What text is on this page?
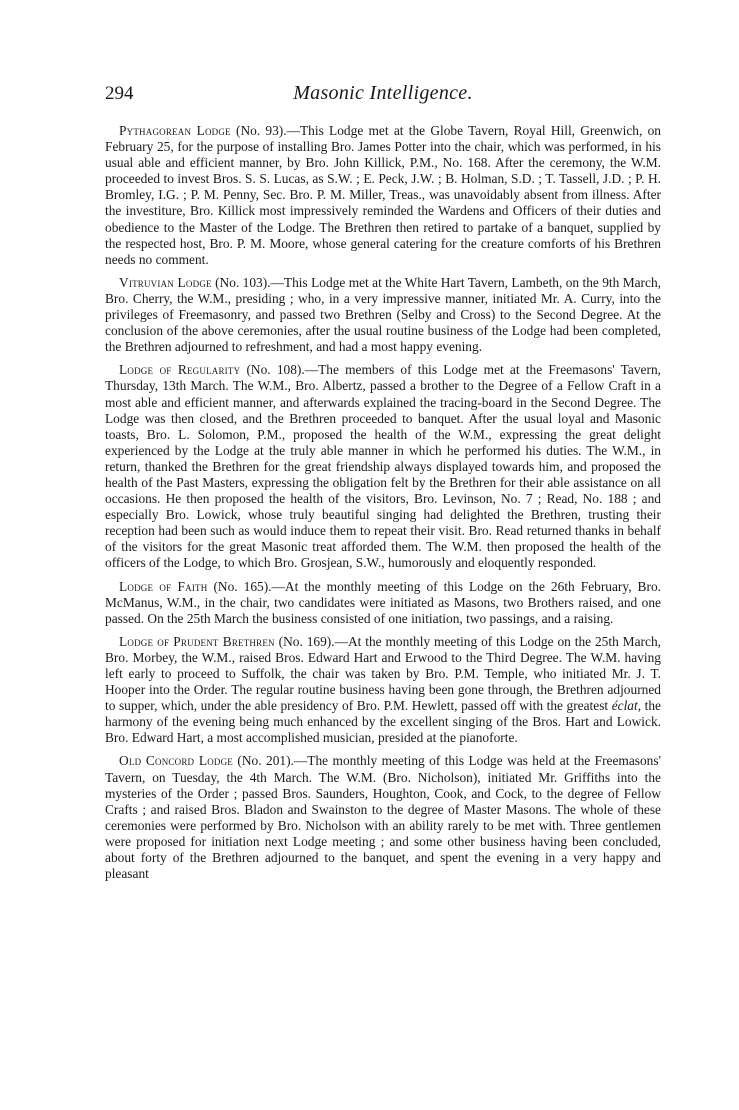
294	Masonic Intelligence.

Pythagorean Lodge (No. 93).—This Lodge met at the Globe Tavern, Royal Hill, Greenwich, on February 25, for the purpose of installing Bro. James Potter into the chair, which was performed, in his usual able and efficient manner, by Bro. John Killick, P.M., No. 168. After the ceremony, the W.M. proceeded to invest Bros. S. S. Lucas, as S.W. ; E. Peck, J.W. ; B. Holman, S.D. ; T. Tassell, J.D. ; P. H. Bromley, I.G. ; P. M. Penny, Sec. Bro. P. M. Miller, Treas., was unavoidably absent from illness. After the investiture, Bro. Killick most impressively reminded the Wardens and Officers of their duties and obedience to the Master of the Lodge. The Brethren then retired to partake of a banquet, supplied by the respected host, Bro. P. M. Moore, whose general catering for the creature comforts of his Brethren needs no comment.

Vitruvian Lodge (No. 103).—This Lodge met at the White Hart Tavern, Lambeth, on the 9th March, Bro. Cherry, the W.M., presiding ; who, in a very impressive manner, initiated Mr. A. Curry, into the privileges of Freemasonry, and passed two Brethren (Selby and Cross) to the Second Degree. At the conclusion of the above ceremonies, after the usual routine business of the Lodge had been completed, the Brethren adjourned to refreshment, and had a most happy evening.

Lodge of Regularity (No. 108).—The members of this Lodge met at the Freemasons' Tavern, Thursday, 13th March. The W.M., Bro. Albertz, passed a brother to the Degree of a Fellow Craft in a most able and efficient manner, and afterwards explained the tracing-board in the Second Degree. The Lodge was then closed, and the Brethren proceeded to banquet. After the usual loyal and Masonic toasts, Bro. L. Solomon, P.M., proposed the health of the W.M., expressing the great delight experienced by the Lodge at the truly able manner in which he performed his duties. The W.M., in return, thanked the Brethren for the great friendship always displayed towards him, and proposed the health of the Past Masters, expressing the obligation felt by the Brethren for their able assistance on all occasions. He then proposed the health of the visitors, Bro. Levinson, No. 7 ; Read, No. 188 ; and especially Bro. Lowick, whose truly beautiful singing had delighted the Brethren, trusting their reception had been such as would induce them to repeat their visit. Bro. Read returned thanks in behalf of the visitors for the great Masonic treat afforded them. The W.M. then proposed the health of the officers of the Lodge, to which Bro. Grosjean, S.W., humorously and eloquently responded.

Lodge of Faith (No. 165).—At the monthly meeting of this Lodge on the 26th February, Bro. McManus, W.M., in the chair, two candidates were initiated as Masons, two Brothers raised, and one passed. On the 25th March the business consisted of one initiation, two passings, and a raising.

Lodge of Prudent Brethren (No. 169).—At the monthly meeting of this Lodge on the 25th March, Bro. Morbey, the W.M., raised Bros. Edward Hart and Erwood to the Third Degree. The W.M. having left early to proceed to Suffolk, the chair was taken by Bro. P.M. Temple, who initiated Mr. J. T. Hooper into the Order. The regular routine business having been gone through, the Brethren adjourned to supper, which, under the able presidency of Bro. P.M. Hewlett, passed off with the greatest éclat, the harmony of the evening being much enhanced by the excellent singing of the Bros. Hart and Lowick. Bro. Edward Hart, a most accomplished musician, presided at the pianoforte.

Old Concord Lodge (No. 201).—The monthly meeting of this Lodge was held at the Freemasons' Tavern, on Tuesday, the 4th March. The W.M. (Bro. Nicholson), initiated Mr. Griffiths into the mysteries of the Order ; passed Bros. Saunders, Houghton, Cook, and Cock, to the degree of Fellow Crafts ; and raised Bros. Bladon and Swainston to the degree of Master Masons. The whole of these ceremonies were performed by Bro. Nicholson with an ability rarely to be met with. Three gentlemen were proposed for initiation next Lodge meeting ; and some other business having been concluded, about forty of the Brethren adjourned to the banquet, and spent the evening in a very happy and pleasant
